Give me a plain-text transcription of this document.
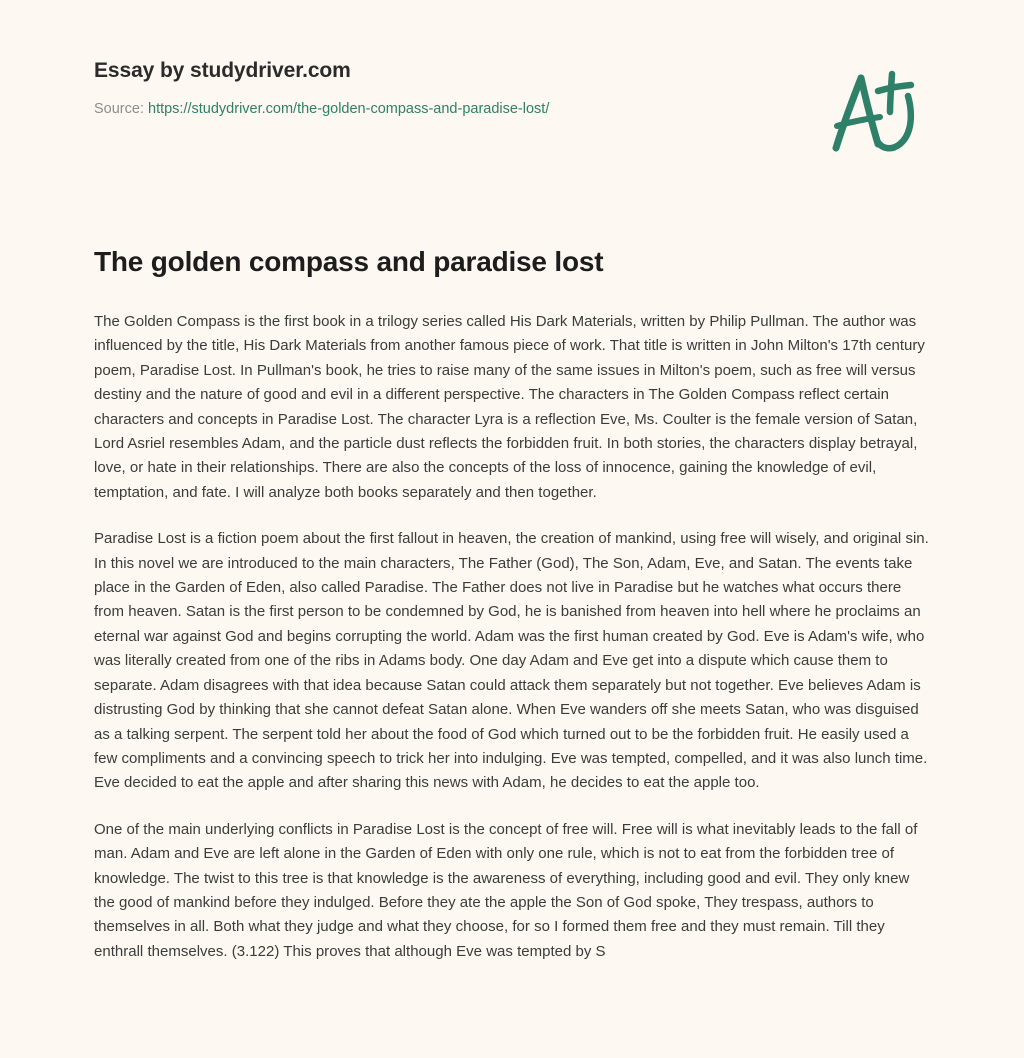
Essay by studydriver.com
Source: https://studydriver.com/the-golden-compass-and-paradise-lost/
The golden compass and paradise lost

The Golden Compass is the first book in a trilogy series called His Dark Materials, written by Philip Pullman. The author was influenced by the title, His Dark Materials from another famous piece of work. That title is written in John Milton's 17th century poem, Paradise Lost. In Pullman's book, he tries to raise many of the same issues in Milton's poem, such as free will versus destiny and the nature of good and evil in a different perspective. The characters in The Golden Compass reflect certain characters and concepts in Paradise Lost. The character Lyra is a reflection Eve, Ms. Coulter is the female version of Satan, Lord Asriel resembles Adam, and the particle dust reflects the forbidden fruit. In both stories, the characters display betrayal, love, or hate in their relationships. There are also the concepts of the loss of innocence, gaining the knowledge of evil, temptation, and fate. I will analyze both books separately and then together.

Paradise Lost is a fiction poem about the first fallout in heaven, the creation of mankind, using free will wisely, and original sin. In this novel we are introduced to the main characters, The Father (God), The Son, Adam, Eve, and Satan. The events take place in the Garden of Eden, also called Paradise. The Father does not live in Paradise but he watches what occurs there from heaven. Satan is the first person to be condemned by God, he is banished from heaven into hell where he proclaims an eternal war against God and begins corrupting the world. Adam was the first human created by God. Eve is Adam's wife, who was literally created from one of the ribs in Adams body. One day Adam and Eve get into a dispute which cause them to separate. Adam disagrees with that idea because Satan could attack them separately but not together. Eve believes Adam is distrusting God by thinking that she cannot defeat Satan alone. When Eve wanders off she meets Satan, who was disguised as a talking serpent. The serpent told her about the food of God which turned out to be the forbidden fruit. He easily used a few compliments and a convincing speech to trick her into indulging. Eve was tempted, compelled, and it was also lunch time. Eve decided to eat the apple and after sharing this news with Adam, he decides to eat the apple too.

One of the main underlying conflicts in Paradise Lost is the concept of free will. Free will is what inevitably leads to the fall of man. Adam and Eve are left alone in the Garden of Eden with only one rule, which is not to eat from the forbidden tree of knowledge. The twist to this tree is that knowledge is the awareness of everything, including good and evil. They only knew the good of mankind before they indulged. Before they ate the apple the Son of God spoke, They trespass, authors to themselves in all. Both what they judge and what they choose, for so I formed them free and they must remain. Till they enthrall themselves. (3.122) This proves that although Eve was tempted by S
